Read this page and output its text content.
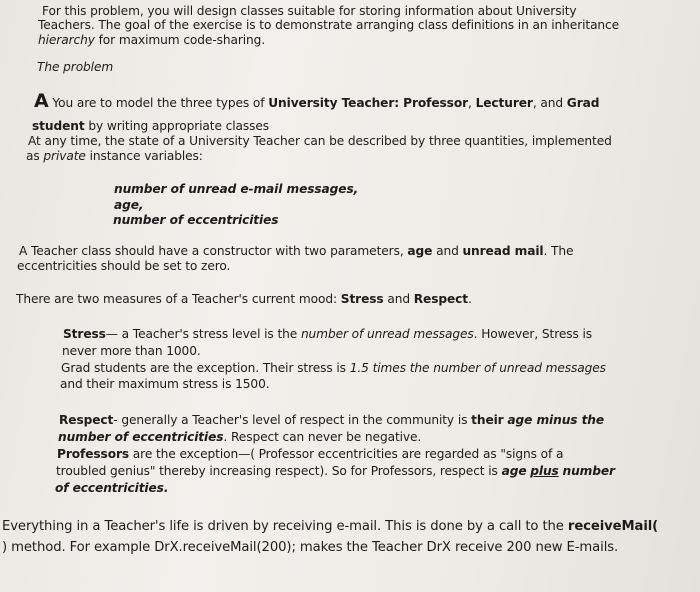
For this problem, you will design classes suitable for storing information about University
Teachers. The goal of the exercise is to demonstrate arranging class definitions in an inheritance
hierarchy for maximum code-sharing.
The problem
A You are to model the three types of University Teacher: Professor, Lecturer, and Grad
student by writing appropriate classes
At any time, the state of a University Teacher can be described by three quantities, implemented
as private instance variables:
number of unread e-mail messages,
age,
number of eccentricities
A Teacher class should have a constructor with two parameters, age and unread mail. The
eccentricities should be set to zero.
There are two measures of a Teacher's current mood: Stress and Respect.
Stress— a Teacher's stress level is the number of unread messages. However, Stress is
never more than 1000.
Grad students are the exception. Their stress is 1.5 times the number of unread messages
and their maximum stress is 1500.
Respect- generally a Teacher's level of respect in the community is their age minus the
number of eccentricities. Respect can never be negative.
Professors are the exception—( Professor eccentricities are regarded as "signs of a
troubled genius" thereby increasing respect). So for Professors, respect is age plus number
of eccentricities.
Everything in a Teacher's life is driven by receiving e-mail. This is done by a call to the receiveMail(
) method. For example DrX.receiveMail(200); makes the Teacher DrX receive 200 new E-mails.
